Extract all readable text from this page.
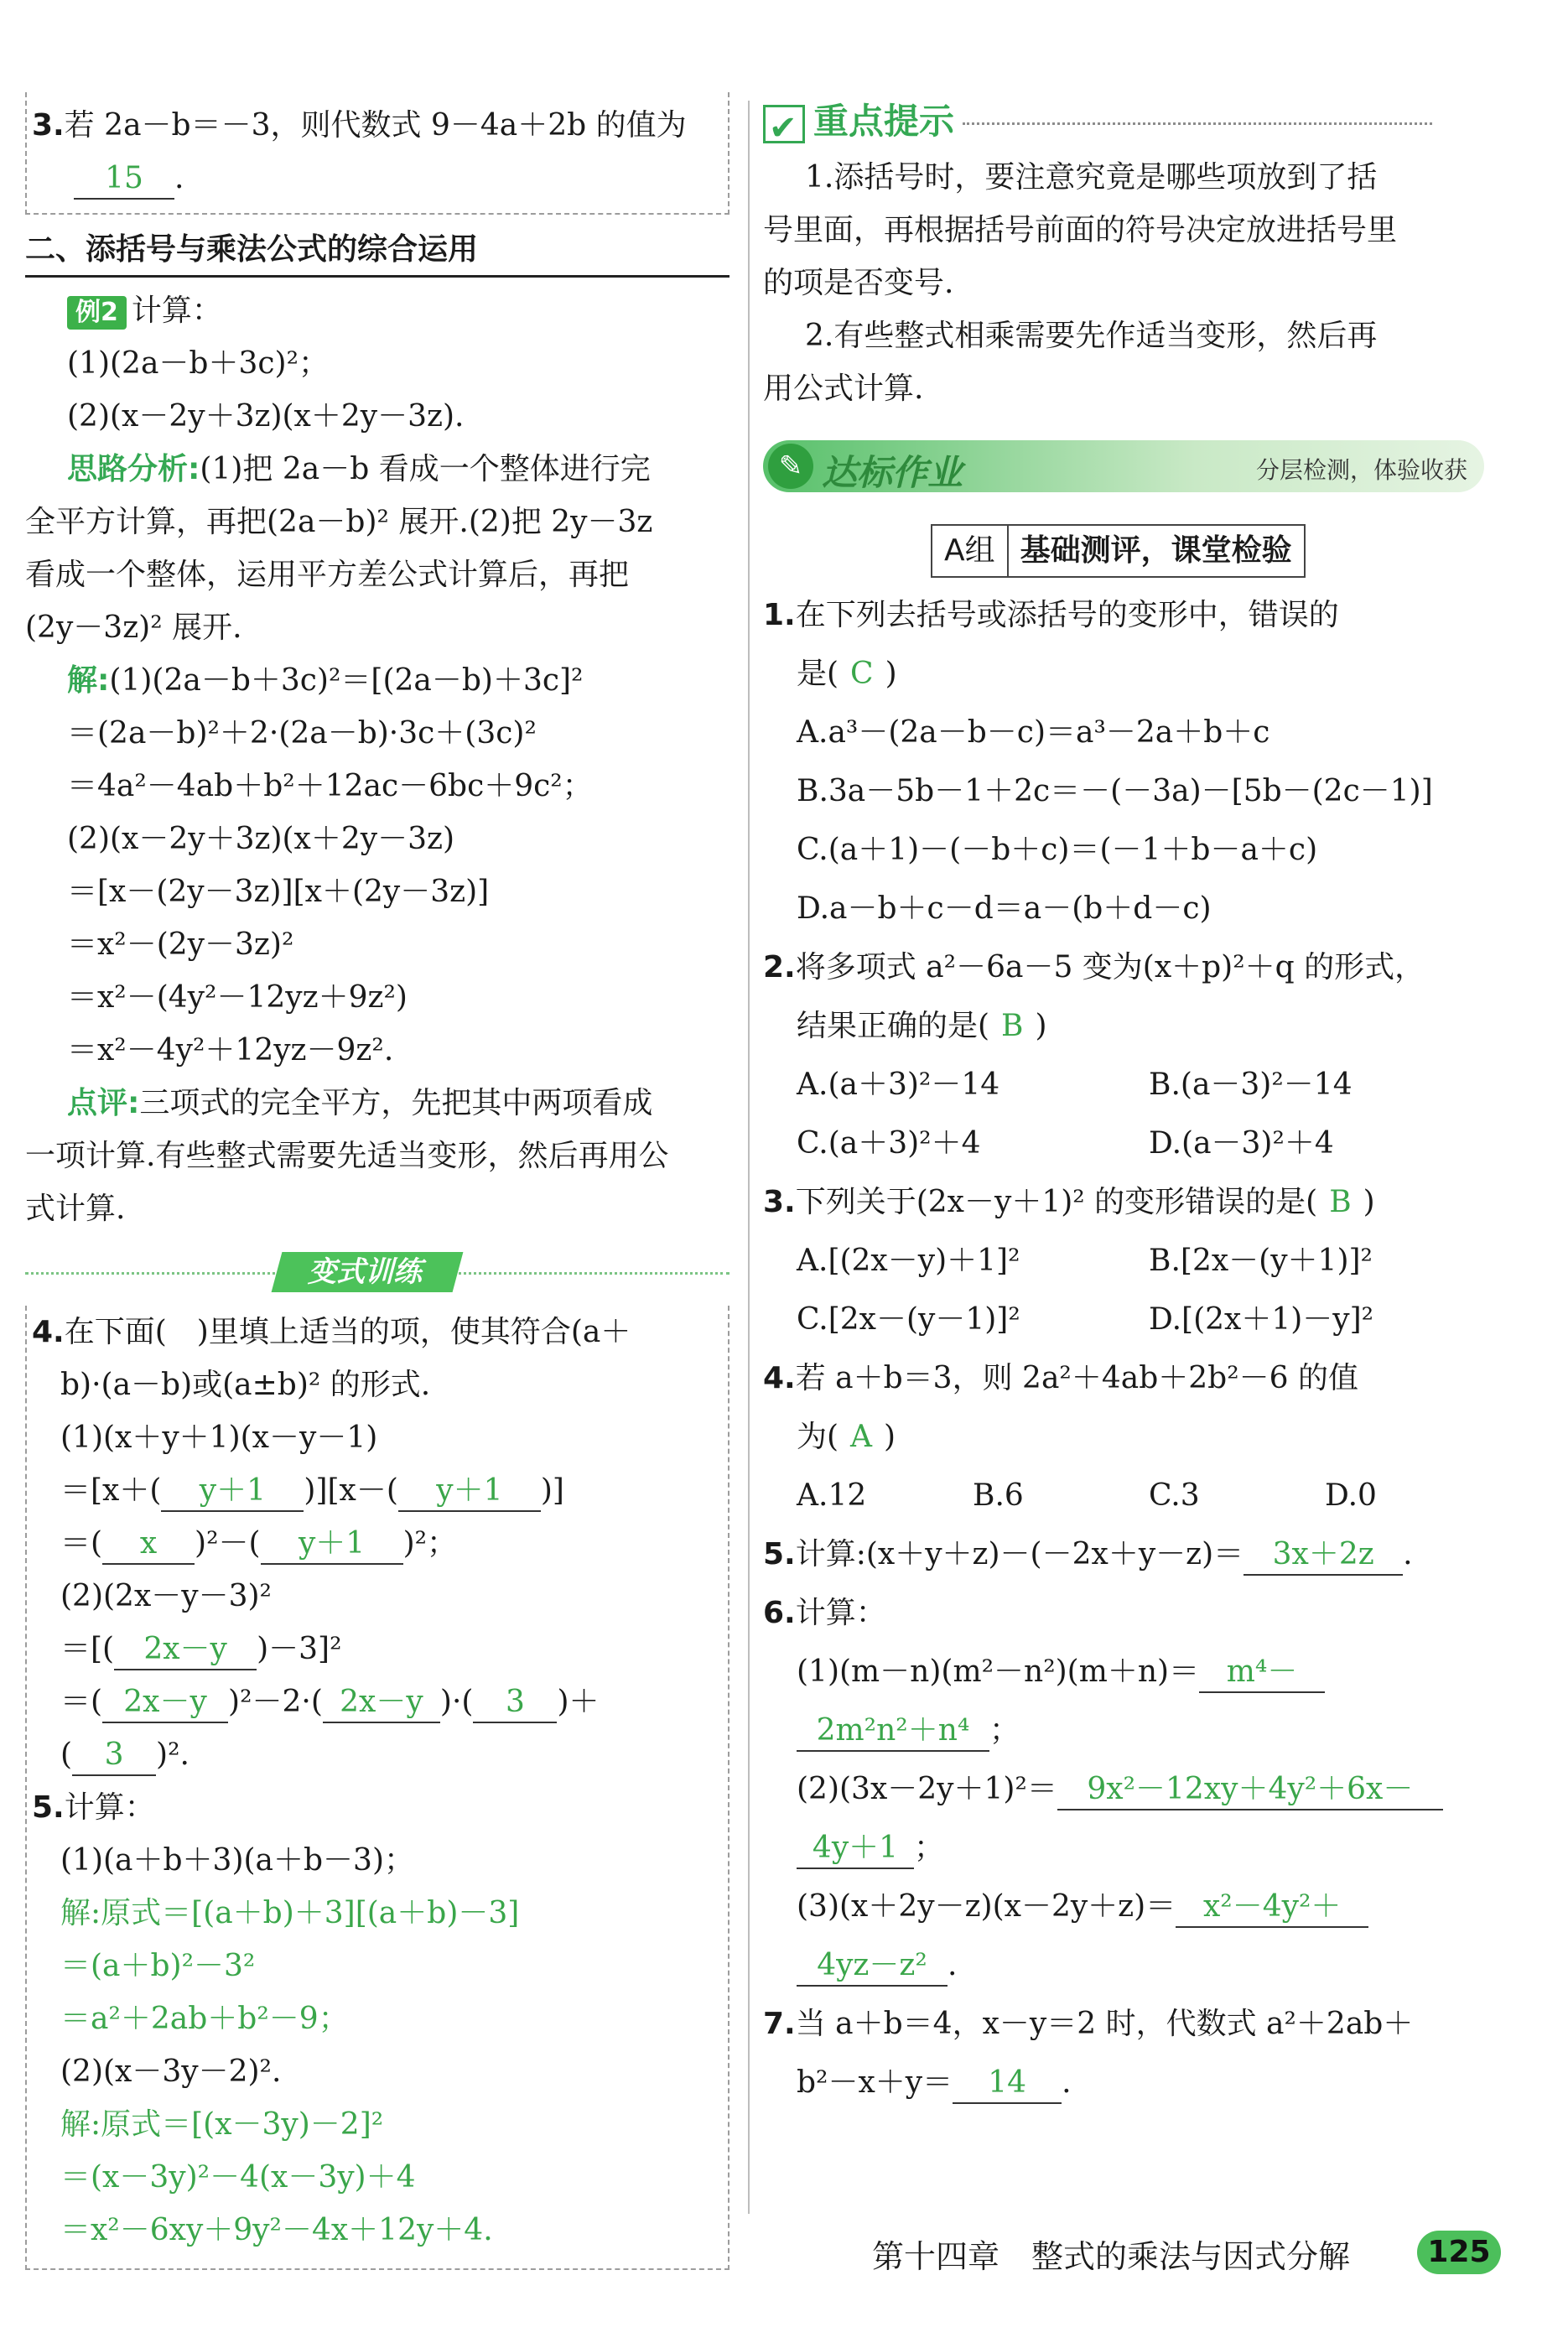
3.若 2a－b＝－3，则代数式 9－4a＋2b 的值为
15 .
二、添括号与乘法公式的综合运用
例2 计算：
(1)(2a－b＋3c)²；
(2)(x－2y＋3z)(x＋2y－3z).
思路分析:(1)把 2a－b 看成一个整体进行完
全平方计算，再把(2a－b)² 展开.(2)把 2y－3z
看成一个整体，运用平方差公式计算后，再把
(2y－3z)² 展开.
解:(1)(2a－b＋3c)²＝[(2a－b)＋3c]²
＝(2a－b)²＋2·(2a－b)·3c＋(3c)²
＝4a²－4ab＋b²＋12ac－6bc＋9c²；
(2)(x－2y＋3z)(x＋2y－3z)
＝[x－(2y－3z)][x＋(2y－3z)]
＝x²－(2y－3z)²
＝x²－(4y²－12yz＋9z²)
＝x²－4y²＋12yz－9z².
点评:三项式的完全平方，先把其中两项看成
一项计算.有些整式需要先适当变形，然后再用公
式计算.
变式训练
4.在下面(　)里填上适当的项，使其符合(a＋
b)·(a－b)或(a±b)² 的形式.
(1)(x＋y＋1)(x－y－1)
＝[x＋( y＋1 )][x－( y＋1 )]
＝( x )²－( y＋1 )²；
(2)(2x－y－3)²
＝[( 2x－y )－3]²
＝( 2x－y )²－2·( 2x－y )·( 3 )＋
( 3 )².
5.计算：
(1)(a＋b＋3)(a＋b－3)；
解:原式＝[(a＋b)＋3][(a＋b)－3]
＝(a＋b)²－3²
＝a²＋2ab＋b²－9；
(2)(x－3y－2)².
解:原式＝[(x－3y)－2]²
＝(x－3y)²－4(x－3y)＋4
＝x²－6xy＋9y²－4x＋12y＋4.
✔重点提示
1.添括号时，要注意究竟是哪些项放到了括
号里面，再根据括号前面的符号决定放进括号里
的项是否变号.
2.有些整式相乘需要先作适当变形，然后再
用公式计算.
✎ 达标作业	分层检测，体验收获
A组 基础测评，课堂检验
1.在下列去括号或添括号的变形中，错误的
是( C )
A.a³－(2a－b－c)＝a³－2a＋b＋c
B.3a－5b－1＋2c＝－(－3a)－[5b－(2c－1)]
C.(a＋1)－(－b＋c)＝(－1＋b－a＋c)
D.a－b＋c－d＝a－(b＋d－c)
2.将多项式 a²－6a－5 变为(x＋p)²＋q 的形式，
结果正确的是( B )
A.(a＋3)²－14	B.(a－3)²－14
C.(a＋3)²＋4	D.(a－3)²＋4
3.下列关于(2x－y＋1)² 的变形错误的是( B )
A.[(2x－y)＋1]²	B.[2x－(y＋1)]²
C.[2x－(y－1)]²	D.[(2x＋1)－y]²
4.若 a＋b＝3，则 2a²＋4ab＋2b²－6 的值
为( A )
A.12	B.6	C.3	D.0
5.计算:(x＋y＋z)－(－2x＋y－z)＝ 3x＋2z .
6.计算：
(1)(m－n)(m²－n²)(m＋n)＝ m⁴－
2m²n²＋n⁴ ；
(2)(3x－2y＋1)²＝ 9x²－12xy＋4y²＋6x－
4y＋1 ；
(3)(x＋2y－z)(x－2y＋z)＝ x²－4y²＋
4yz－z² .
7.当 a＋b＝4，x－y＝2 时，代数式 a²＋2ab＋
b²－x＋y＝ 14 .
第十四章　整式的乘法与因式分解	125
